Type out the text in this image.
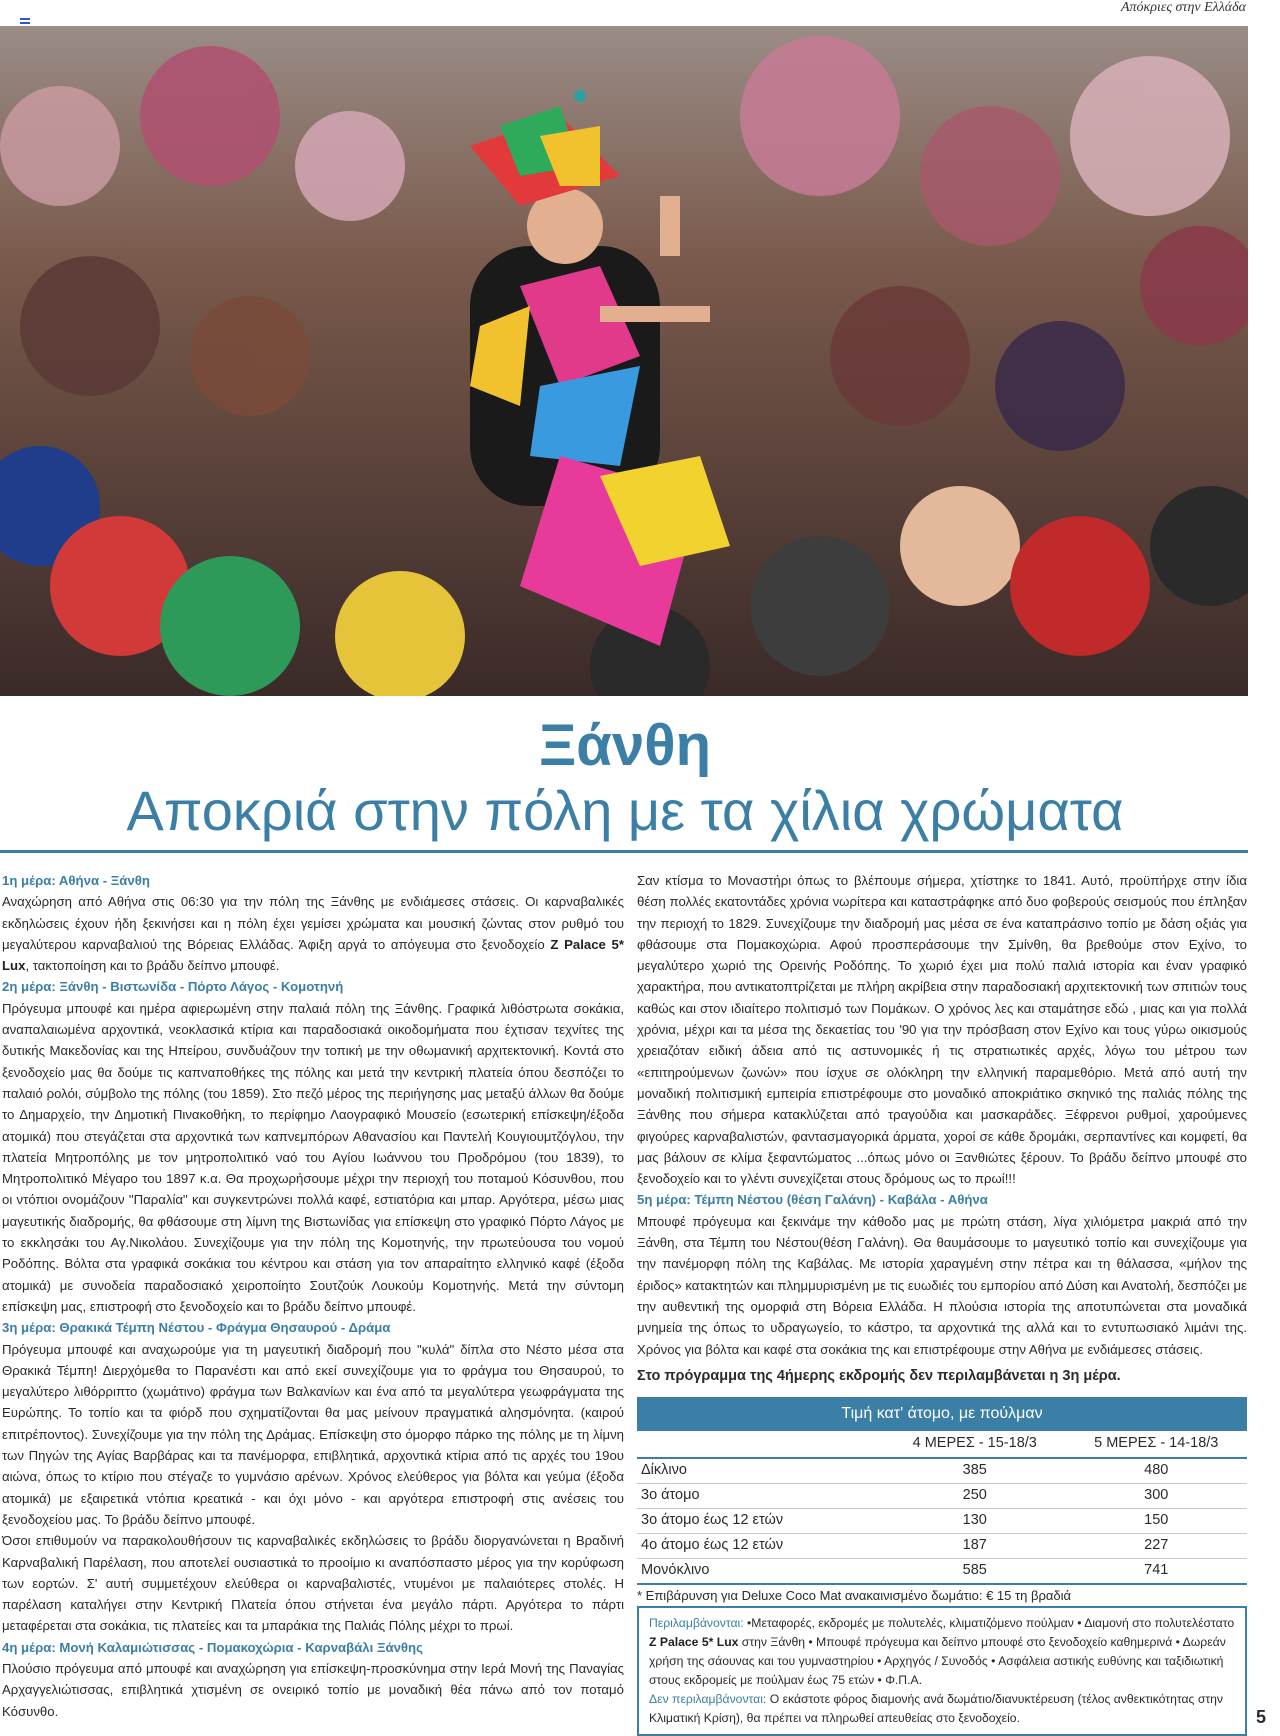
Απόκριες στην Ελλάδα
Ξάνθη
Αποκριά στην πόλη με τα χίλια χρώματα

1η μέρα: Αθήνα - Ξάνθη

Αναχώρηση από Αθήνα στις 06:30 για την πόλη της Ξάνθης με ενδιάμεσες στάσεις. Οι καρναβαλικές εκδηλώσεις έχουν ήδη ξεκινήσει και η πόλη έχει γεμίσει χρώματα και μουσική ζώντας στον ρυθμό του μεγαλύτερου καρναβαλιού της Βόρειας Ελλάδας. Άφιξη αργά το απόγευμα στο ξενοδοχείο Z Palace 5* Lux, τακτοποίηση και το βράδυ δείπνο μπουφέ.

2η μέρα: Ξάνθη - Βιστωνίδα - Πόρτο Λάγος - Κομοτηνή

Πρόγευμα μπουφέ και ημέρα αφιερωμένη στην παλαιά πόλη της Ξάνθης. Γραφικά λιθόστρωτα σοκάκια, αναπαλαιωμένα αρχοντικά, νεοκλασικά κτίρια και παραδοσιακά οικοδομήματα που έχτισαν τεχνίτες της δυτικής Μακεδονίας και της Ηπείρου, συνδυάζουν την τοπική με την οθωμανική αρχιτεκτονική. Κοντά στο ξενοδοχείο μας θα δούμε τις καπναποθήκες της πόλης και μετά την κεντρική πλατεία όπου δεσπόζει το παλαιό ρολόι, σύμβολο της πόλης (του 1859). Στο πεζό μέρος της περιήγησης μας μεταξύ άλλων θα δούμε το Δημαρχείο, την Δημοτική Πινακοθήκη, το περίφημο Λαογραφικό Μουσείο (εσωτερική επίσκεψη/έξοδα ατομικά) που στεγάζεται στα αρχοντικά των καπνεμπόρων Αθανασίου και Παντελή Κουγιουμτζόγλου, την πλατεία Μητροπόλης με τον μητροπολιτικό ναό του Αγίου Ιωάννου του Προδρόμου (του 1839), το Μητροπολιτικό Μέγαρο του 1897 κ.α. Θα προχωρήσουμε μέχρι την περιοχή του ποταμού Κόσυνθου, που οι ντόπιοι ονομάζουν "Παραλία" και συγκεντρώνει πολλά καφέ, εστιατόρια και μπαρ. Αργότερα, μέσω μιας μαγευτικής διαδρομής, θα φθάσουμε στη λίμνη της Βιστωνίδας για επίσκεψη στο γραφικό Πόρτο Λάγος με το εκκλησάκι του Αγ.Νικολάου. Συνεχίζουμε για την πόλη της Κομοτηνής, την πρωτεύουσα του νομού Ροδόπης. Βόλτα στα γραφικά σοκάκια του κέντρου και στάση για τον απαραίτητο ελληνικό καφέ (έξοδα ατομικά) με συνοδεία παραδοσιακό χειροποίητο Σουτζούκ Λουκούμ Κομοτηνής. Μετά την σύντομη επίσκεψη μας, επιστροφή στο ξενοδοχείο και το βράδυ δείπνο μπουφέ.

3η μέρα: Θρακικά Τέμπη Νέστου - Φράγμα Θησαυρού - Δράμα

Πρόγευμα μπουφέ και αναχωρούμε για τη μαγευτική διαδρομή που "κυλά" δίπλα στο Νέστο μέσα στα Θρακικά Τέμπη! Διερχόμεθα το Παρανέστι και από εκεί συνεχίζουμε για το φράγμα του Θησαυρού, το μεγαλύτερο λιθόρριπτο (χωμάτινο) φράγμα των Βαλκανίων και ένα από τα μεγαλύτερα γεωφράγματα της Ευρώπης. Το τοπίο και τα φιόρδ που σχηματίζονται θα μας μείνουν πραγματικά αλησμόνητα. (καιρού επιτρέποντος). Συνεχίζουμε για την πόλη της Δράμας. Επίσκεψη στο όμορφο πάρκο της πόλης με τη λίμνη των Πηγών της Αγίας Βαρβάρας και τα πανέμορφα, επιβλητικά, αρχοντικά κτίρια από τις αρχές του 19ου αιώνα, όπως το κτίριο που στέγαζε το γυμνάσιο αρένων. Χρόνος ελεύθερος για βόλτα και γεύμα (έξοδα ατομικά) με εξαιρετικά ντόπια κρεατικά - και όχι μόνο - και αργότερα επιστροφή στις ανέσεις του ξενοδοχείου μας. Το βράδυ δείπνο μπουφέ.

Όσοι επιθυμούν να παρακολουθήσουν τις καρναβαλικές εκδηλώσεις το βράδυ διοργανώνεται η Βραδινή Καρναβαλική Παρέλαση, που αποτελεί ουσιαστικά το προοίμιο κι αναπόσπαστο μέρος για την κορύφωση των εορτών. Σ' αυτή συμμετέχουν ελεύθερα οι καρναβαλιστές, ντυμένοι με παλαιότερες στολές. Η παρέλαση καταλήγει στην Κεντρική Πλατεία όπου στήνεται ένα μεγάλο πάρτι. Αργότερα το πάρτι μεταφέρεται στα σοκάκια, τις πλατείες και τα μπαράκια της Παλιάς Πόλης μέχρι το πρωί.

4η μέρα: Μονή Καλαμιώτισσας - Πομακοχώρια - Καρναβάλι Ξάνθης

Πλούσιο πρόγευμα από μπουφέ και αναχώρηση για επίσκεψη-προσκύνημα στην Ιερά Μονή της Παναγίας Αρχαγγελιώτισσας, επιβλητικά χτισμένη σε ονειρικό τοπίο με μοναδική θέα πάνω από τον ποταμό Κόσυνθο.

Σαν κτίσμα το Μοναστήρι όπως το βλέπουμε σήμερα, χτίστηκε το 1841. Αυτό, προϋπήρχε στην ίδια θέση πολλές εκατοντάδες χρόνια νωρίτερα και καταστράφηκε από δυο φοβερούς σεισμούς που έπληξαν την περιοχή το 1829. Συνεχίζουμε την διαδρομή μας μέσα σε ένα καταπράσινο τοπίο με δάση οξιάς για φθάσουμε στα Πομακοχώρια. Αφού προσπεράσουμε την Σμίνθη, θα βρεθούμε στον Εχίνο, το μεγαλύτερο χωριό της Ορεινής Ροδόπης. Το χωριό έχει μια πολύ παλιά ιστορία και έναν γραφικό χαρακτήρα, που αντικατοπτρίζεται με πλήρη ακρίβεια στην παραδοσιακή αρχιτεκτονική των σπιτιών τους καθώς και στον ιδιαίτερο πολιτισμό των Πομάκων. Ο χρόνος λες και σταμάτησε εδώ , μιας και για πολλά χρόνια, μέχρι και τα μέσα της δεκαετίας του '90 για την πρόσβαση στον Εχίνο και τους γύρω οικισμούς χρειαζόταν ειδική άδεια από τις αστυνομικές ή τις στρατιωτικές αρχές, λόγω του μέτρου των «επιτηρούμενων ζωνών» που ίσχυε σε ολόκληρη την ελληνική παραμεθόριο. Μετά από αυτή την μοναδική πολιτισμική εμπειρία επιστρέφουμε στο μοναδικό αποκριάτικο σκηνικό της παλιάς πόλης της Ξάνθης που σήμερα κατακλύζεται από τραγούδια και μασκαράδες. Ξέφρενοι ρυθμοί, χαρούμενες φιγούρες καρναβαλιστών, φαντασμαγορικά άρματα, χοροί σε κάθε δρομάκι, σερπαντίνες και κομφετί, θα μας βάλουν σε κλίμα ξεφαντώματος ...όπως μόνο οι Ξανθιώτες ξέρουν. Το βράδυ δείπνο μπουφέ στο ξενοδοχείο και το γλέντι συνεχίζεται στους δρόμους ως το πρωί!!!

5η μέρα: Τέμπη Νέστου (θέση Γαλάνη) - Καβάλα - Αθήνα

Μπουφέ πρόγευμα και ξεκινάμε την κάθοδο μας με πρώτη στάση, λίγα χιλιόμετρα μακριά από την Ξάνθη, στα Τέμπη του Νέστου(θέση Γαλάνη). Θα θαυμάσουμε το μαγευτικό τοπίο και συνεχίζουμε για την πανέμορφη πόλη της Καβάλας. Με ιστορία χαραγμένη στην πέτρα και τη θάλασσα, «μήλον της έριδος» κατακτητών και πλημμυρισμένη με τις ευωδιές του εμπορίου από Δύση και Ανατολή, δεσπόζει με την αυθεντική της ομορφιά στη Βόρεια Ελλάδα. Η πλούσια ιστορία της αποτυπώνεται στα μοναδικά μνημεία της όπως το υδραγωγείο, το κάστρο, τα αρχοντικά της αλλά και το εντυπωσιακό λιμάνι της. Χρόνος για βόλτα και καφέ στα σοκάκια της και επιστρέφουμε στην Αθήνα με ενδιάμεσες στάσεις.

Στο πρόγραμμα της 4ήμερης εκδρομής δεν περιλαμβάνεται η 3η μέρα.

Τιμή κατ' άτομο, με πούλμαν		
	4 ΜΕΡΕΣ - 15-18/3	5 ΜΕΡΕΣ - 14-18/3
Δίκλινο	385	480
3ο άτομο	250	300
3ο άτομο έως 12 ετών	130	150
4ο άτομο έως 12 ετών	187	227
Μονόκλινο	585	741

* Επιβάρυνση για Deluxe Coco Mat ανακαινισμένο δωμάτιο: € 15 τη βραδιά

Περιλαμβάνονται: •Μεταφορές, εκδρομές με πολυτελές, κλιματιζόμενο πούλμαν • Διαμονή στο πολυτελέστατο Z Palace 5* Lux στην Ξάνθη • Μπουφέ πρόγευμα και δείπνο μπουφέ στο ξενοδοχείο καθημερινά • Δωρεάν χρήση της σάουνας και του γυμναστηρίου • Αρχηγός / Συνοδός • Ασφάλεια αστικής ευθύνης και ταξιδιωτική στους εκδρομείς με πούλμαν έως 75 ετών • Φ.Π.Α.
Δεν περιλαμβάνονται: Ο εκάστοτε φόρος διαμονής ανά δωμάτιο/διανυκτέρευση (τέλος ανθεκτικότητας στην Κλιματική Κρίση), θα πρέπει να πληρωθεί απευθείας στο ξενοδοχείο.	5
